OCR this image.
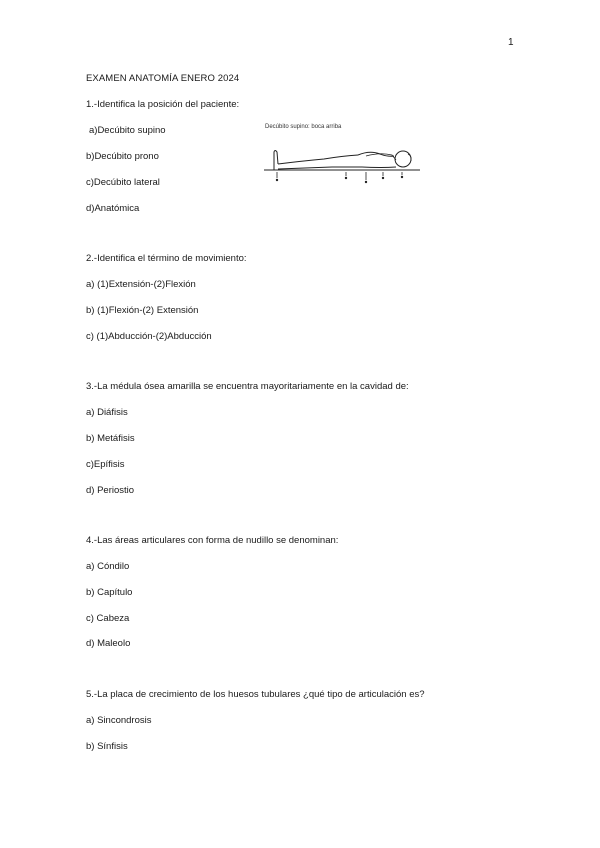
1
EXAMEN ANATOMÍA ENERO 2024
1.-Identifica la posición del paciente:
a)Decúbito supino
b)Decúbito prono
c)Decúbito lateral
d)Anatómica
Decúbito supino: boca arriba
2.-Identifica el término de movimiento:
a) (1)Extensión-(2)Flexión
b) (1)Flexión-(2) Extensión
c) (1)Abducción-(2)Abducción
3.-La médula ósea amarilla se encuentra mayoritariamente en la cavidad de:
a) Diáfisis
b) Metáfisis
c)Epífisis
d) Periostio
4.-Las áreas articulares con forma de nudillo se denominan:
a) Cóndilo
b) Capítulo
c) Cabeza
d) Maleolo
5.-La placa de crecimiento de los huesos tubulares ¿qué tipo de articulación es?
a) Sincondrosis
b) Sínfisis
